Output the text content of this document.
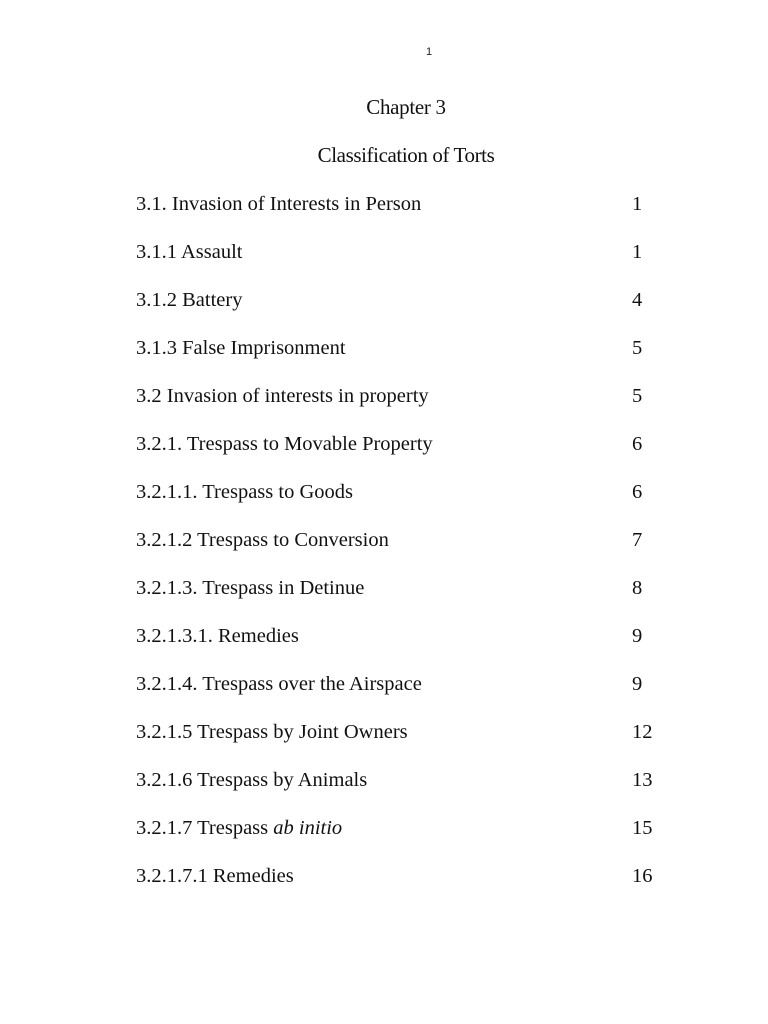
1
Chapter 3
Classification of Torts
3.1. Invasion of Interests in Person	1
3.1.1 Assault	1
3.1.2 Battery	4
3.1.3 False Imprisonment	5
3.2 Invasion of interests in property	5
3.2.1. Trespass to Movable Property	6
3.2.1.1. Trespass to Goods	6
3.2.1.2 Trespass to Conversion	7
3.2.1.3. Trespass in Detinue	8
3.2.1.3.1. Remedies	9
3.2.1.4. Trespass over the Airspace	9
3.2.1.5 Trespass by Joint Owners	12
3.2.1.6 Trespass by Animals	13
3.2.1.7 Trespass ab initio	15
3.2.1.7.1 Remedies	16
